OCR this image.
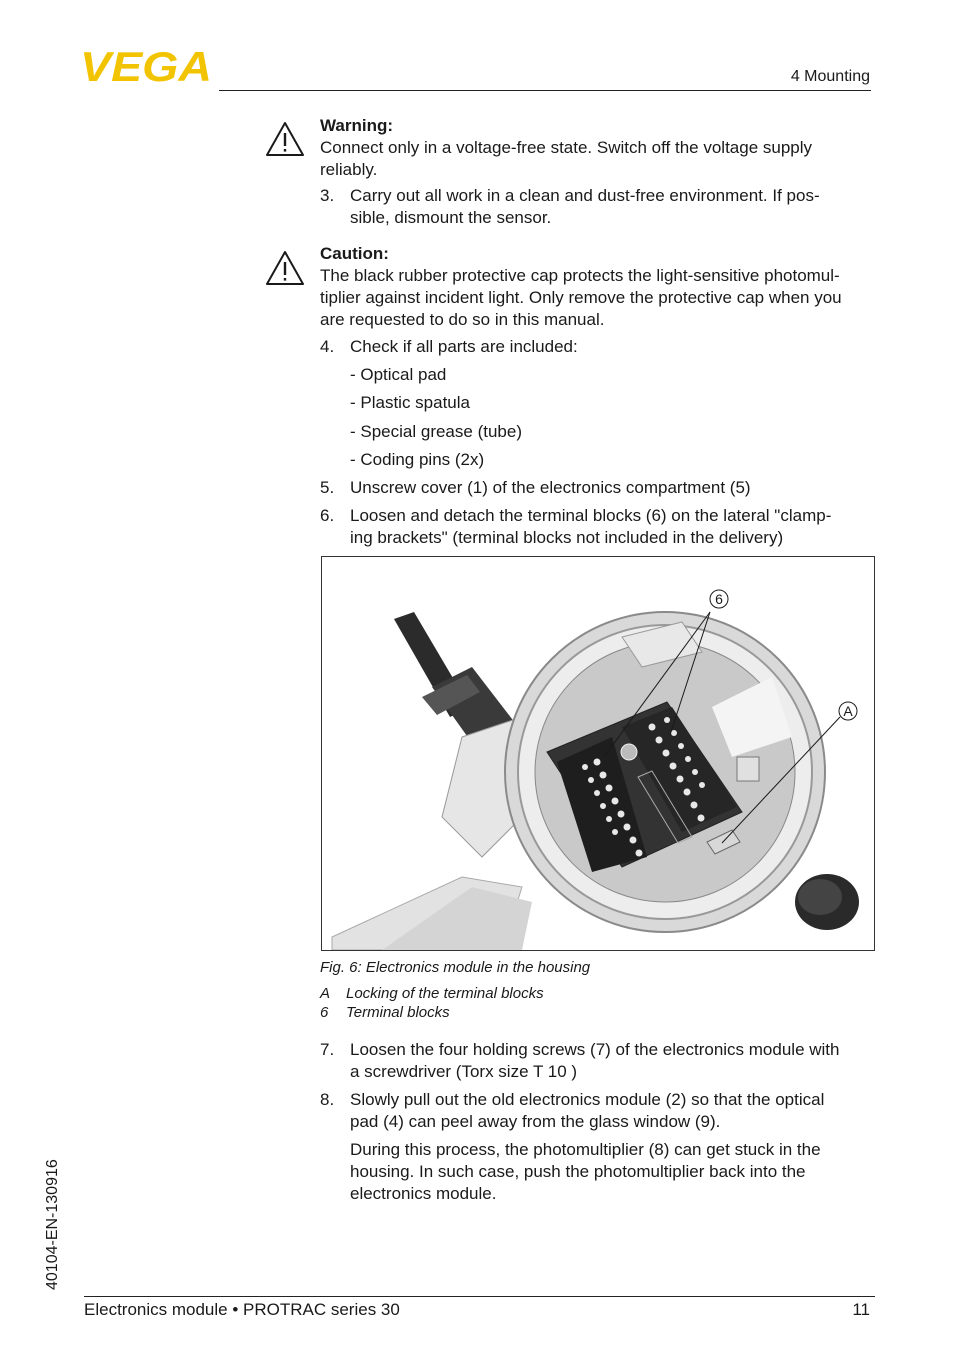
VEGA	4 Mounting
Warning:
Connect only in a voltage-free state. Switch off the voltage supply
reliably.
3. Carry out all work in a clean and dust-free environment. If pos-
sible, dismount the sensor.
Caution:
The black rubber protective cap protects the light-sensitive photomul-
tiplier against incident light. Only remove the protective cap when you
are requested to do so in this manual.
4. Check if all parts are included:
- Optical pad
- Plastic spatula
- Special grease (tube)
- Coding pins (2x)
5. Unscrew cover (1) of the electronics compartment (5)
6. Loosen and detach the terminal blocks (6) on the lateral "clamp-
ing brackets" (terminal blocks not included in the delivery)
6
A
Fig. 6: Electronics module in the housing
A Locking of the terminal blocks
6 Terminal blocks
7. Loosen the four holding screws (7) of the electronics module with
a screwdriver (Torx size T 10 )
8. Slowly pull out the old electronics module (2) so that the optical
pad (4) can peel away from the glass window (9).
During this process, the photomultiplier (8) can get stuck in the
housing. In such case, push the photomultiplier back into the
electronics module.
40104-EN-130916
Electronics module • PROTRAC series 30	11
